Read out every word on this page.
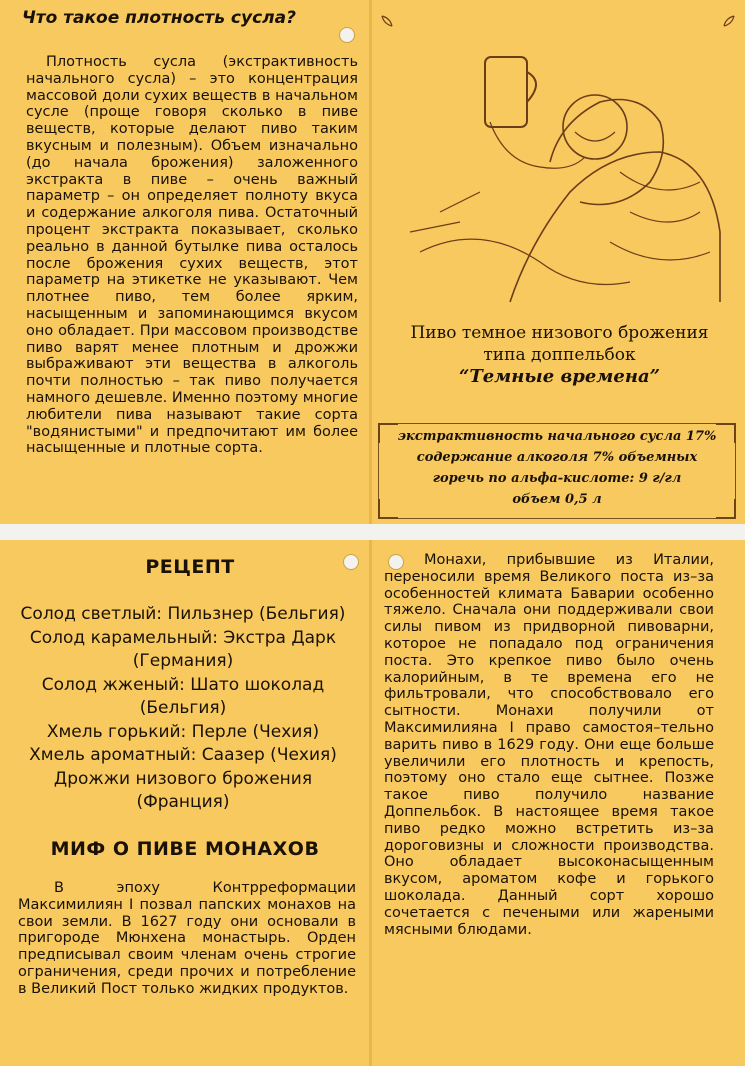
Что такое плотность сусла?

Плотность сусла (экстрактивность начального сусла) – это концентрация массовой доли сухих веществ в начальном сусле (проще говоря сколько в пиве веществ, которые делают пиво таким вкусным и полезным). Объем изначально (до начала брожения) заложенного экстракта в пиве – очень важный параметр – он определяет полноту вкуса и содержание алкоголя пива. Остаточный процент экстракта показывает, сколько реально в данной бутылке пива осталось после брожения сухих веществ, этот параметр на этикетке не указывают. Чем плотнее пиво, тем более ярким, насыщенным и запоминающимся вкусом оно обладает. При массовом производстве пиво варят менее плотным и дрожжи выбраживают эти вещества в алкоголь почти полностью – так пиво получается намного дешевле. Именно поэтому многие любители пива называют такие сорта "водянистыми" и предпочитают им более насыщенные и плотные сорта.

Пиво темное низового брожения
типа доппельбок
“Темные времена”
экстрактивность начального сусла 17%
содержание алкоголя 7% объемных
горечь по альфа-кислоте: 9 г/гл
объем 0,5 л
РЕЦЕПТ
Солод светлый: Пильзнер (Бельгия)
Солод карамельный: Экстра Дарк
(Германия)
Солод жженый: Шато шоколад
(Бельгия)
Хмель горький: Перле (Чехия)
Хмель ароматный: Саазер (Чехия)
Дрожжи низового брожения
(Франция)
МИФ О ПИВЕ МОНАХОВ

В эпоху Контрреформации Максимилиян I позвал папских монахов на свои земли. В 1627 году они основали в пригороде Мюнхена монастырь. Орден предписывал своим членам очень строгие ограничения, среди прочих и потребление в Великий Пост только жидких продуктов.

Монахи, прибывшие из Италии, переносили время Великого поста из–за особенностей климата Баварии особенно тяжело. Сначала они поддерживали свои силы пивом из придворной пивоварни, которое не попадало под ограничения поста. Это крепкое пиво было очень калорийным, в те времена его не фильтровали, что способствовало его сытности. Монахи получили от Максимилияна I право самостоя–тельно варить пиво в 1629 году. Они еще больше увеличили его плотность и крепость, поэтому оно стало еще сытнее. Позже такое пиво получило название Доппельбок. В настоящее время такое пиво редко можно встретить из–за дороговизны и сложности производства. Оно обладает высоконасыщенным вкусом, ароматом кофе и горького шоколада. Данный сорт хорошо сочетается с печеными или жареными мясными блюдами.
